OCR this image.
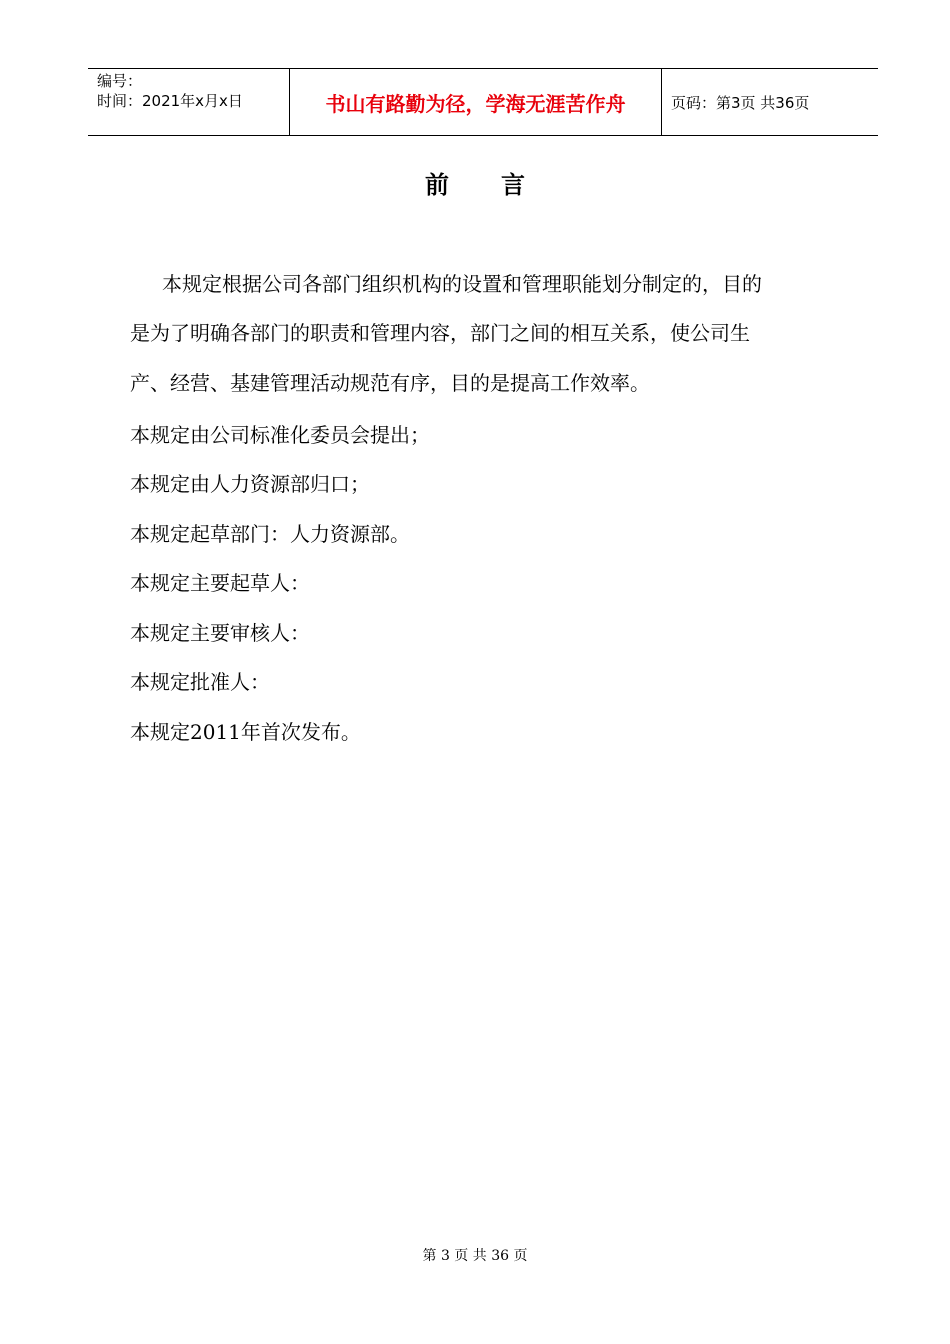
编号：
时间：2021年x月x日	书山有路勤为径，学海无涯苦作舟	页码：第3页 共36页
前言
本规定根据公司各部门组织机构的设置和管理职能划分制定的，目的
是为了明确各部门的职责和管理内容，部门之间的相互关系，使公司生
产、经营、基建管理活动规范有序，目的是提高工作效率。
本规定由公司标准化委员会提出；
本规定由人力资源部归口；
本规定起草部门：人力资源部。
本规定主要起草人：
本规定主要审核人：
本规定批准人：
本规定2011年首次发布。
第 3 页 共 36 页
